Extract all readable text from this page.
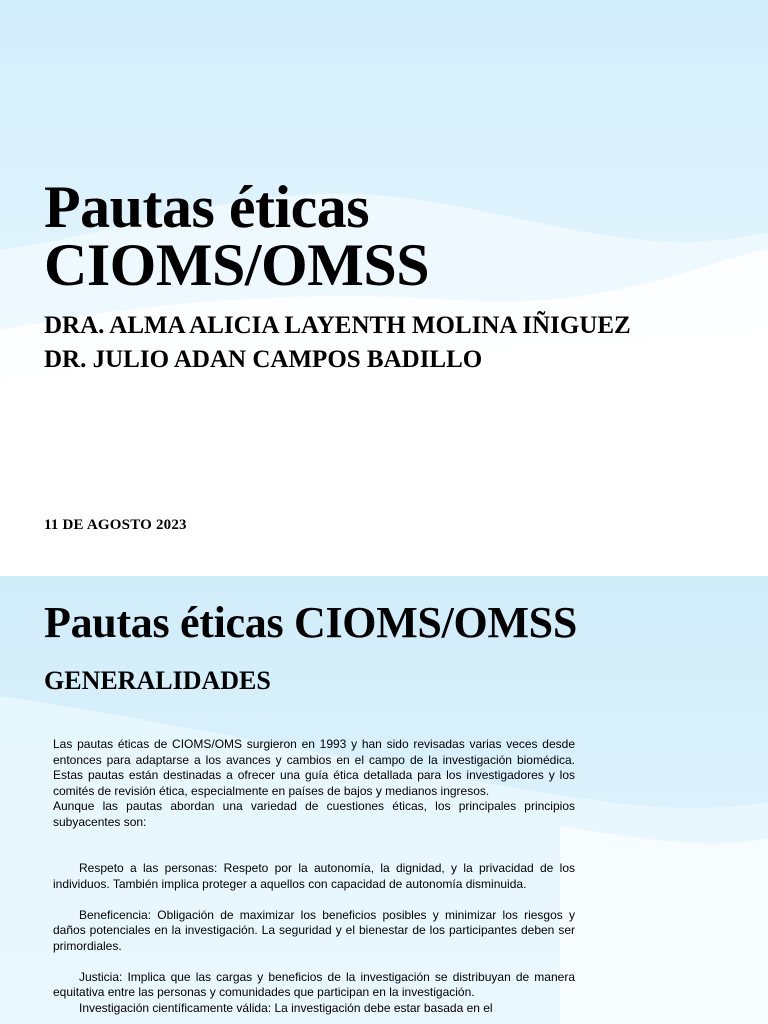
Pautas éticas
CIOMS/OMSS

DRA. ALMA ALICIA LAYENTH MOLINA IÑIGUEZ
DR. JULIO ADAN CAMPOS BADILLO

11 DE AGOSTO 2023

Pautas éticas CIOMS/OMSS
GENERALIDADES

Las pautas éticas de CIOMS/OMS surgieron en 1993 y han sido revisadas varias veces desde entonces para adaptarse a los avances y cambios en el campo de la investigación biomédica. Estas pautas están destinadas a ofrecer una guía ética detallada para los investigadores y los comités de revisión ética, especialmente en países de bajos y medianos ingresos.

Aunque las pautas abordan una variedad de cuestiones éticas, los principales principios subyacentes son:

Respeto a las personas: Respeto por la autonomía, la dignidad, y la privacidad de los individuos. También implica proteger a aquellos con capacidad de autonomía disminuida.

Beneficencia: Obligación de maximizar los beneficios posibles y minimizar los riesgos y daños potenciales en la investigación. La seguridad y el bienestar de los participantes deben ser primordiales.

Justicia: Implica que las cargas y beneficios de la investigación se distribuyan de manera equitativa entre las personas y comunidades que participan en la investigación.

Investigación científicamente válida: La investigación debe estar basada en el
